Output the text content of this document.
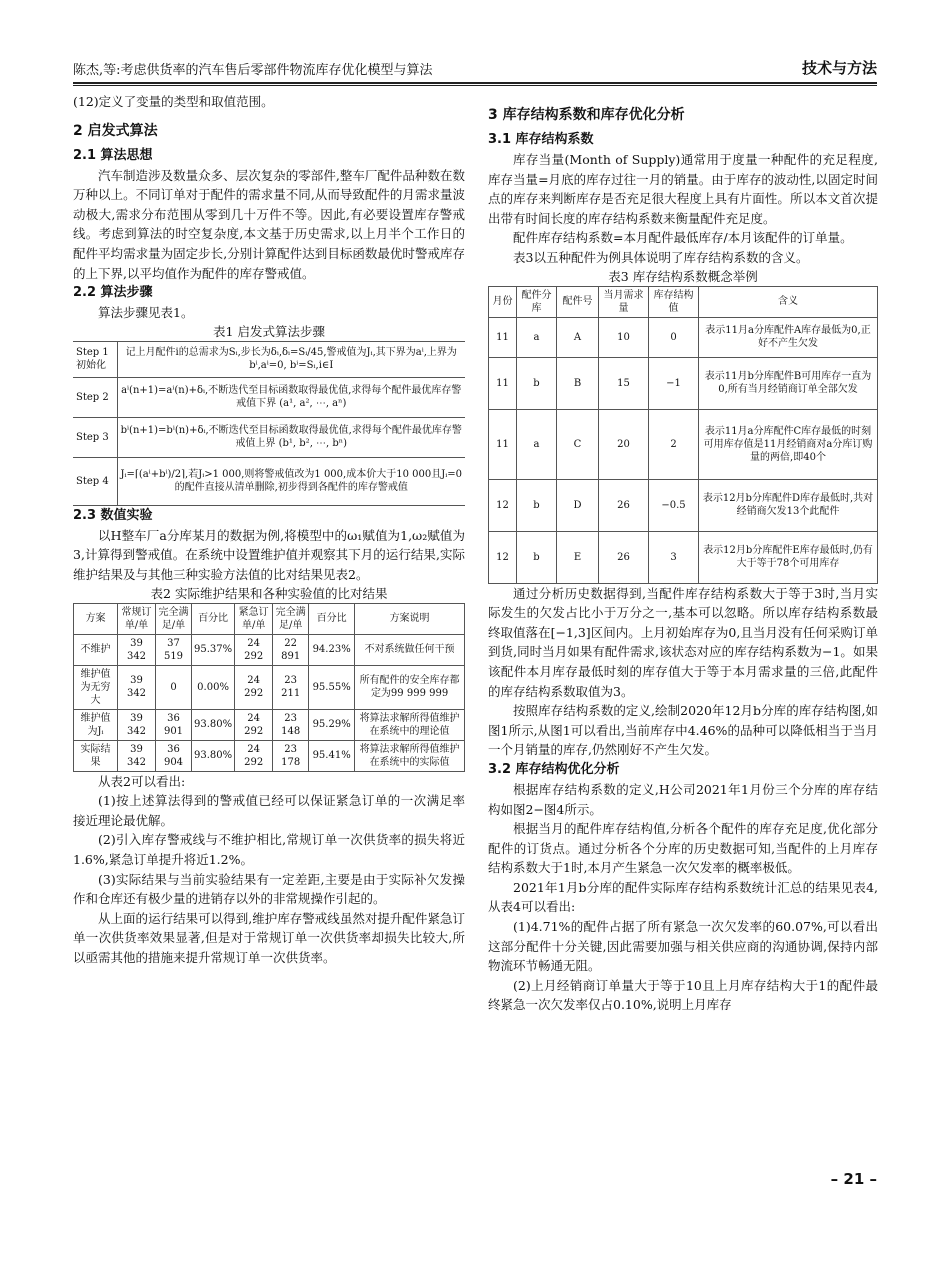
陈杰,等:考虑供货率的汽车售后零部件物流库存优化模型与算法	技术与方法

(12)定义了变量的类型和取值范围。

2 启发式算法
2.1 算法思想

汽车制造涉及数量众多、层次复杂的零部件,整车厂配件品种数在数万种以上。不同订单对于配件的需求量不同,从而导致配件的月需求量波动极大,需求分布范围从零到几十万件不等。因此,有必要设置库存警戒线。考虑到算法的时空复杂度,本文基于历史需求,以上月半个工作日的配件平均需求量为固定步长,分别计算配件达到目标函数最优时警戒库存的上下界,以平均值作为配件的库存警戒值。

2.2 算法步骤

算法步骤见表1。

表1 启发式算法步骤
Step 1 初始化	记上月配件i的总需求为Sᵢ,步长为δᵢ,δᵢ=Sᵢ/45,警戒值为Jᵢ,其下界为aⁱ,上界为bⁱ,aⁱ=0, bⁱ=Sᵢ,i∈I
Step 2	aⁱ(n+1)=aⁱ(n)+δᵢ,不断迭代至目标函数取得最优值,求得每个配件最优库存警戒值下界 (a¹, a², ⋯, aⁿ)
Step 3	bⁱ(n+1)=bⁱ(n)+δᵢ,不断迭代至目标函数取得最优值,求得每个配件最优库存警戒值上界 (b¹, b², ⋯, bⁿ)
Step 4	Jᵢ=⌈(aⁱ+bⁱ)/2⌉,若Jᵢ>1 000,则将警戒值改为1 000,成本价大于10 000且Jᵢ=0的配件直接从清单删除,初步得到各配件的库存警戒值
2.3 数值实验

以H整车厂a分库某月的数据为例,将模型中的ω₁赋值为1,ω₂赋值为3,计算得到警戒值。在系统中设置维护值并观察其下月的运行结果,实际维护结果及与其他三种实验方法值的比对结果见表2。

表2 实际维护结果和各种实验值的比对结果
方案	常规订单/单	完全满足/单	百分比	紧急订单/单	完全满足/单	百分比	方案说明
不维护	39 342	37 519	95.37%	24 292	22 891	94.23%	不对系统做任何干预
维护值为无穷大	39 342	0	0.00%	24 292	23 211	95.55%	所有配件的安全库存都定为99 999 999
维护值为Jᵢ	39 342	36 901	93.80%	24 292	23 148	95.29%	将算法求解所得值维护在系统中的理论值
实际结果	39 342	36 904	93.80%	24 292	23 178	95.41%	将算法求解所得值维护在系统中的实际值

从表2可以看出:

(1)按上述算法得到的警戒值已经可以保证紧急订单的一次满足率接近理论最优解。

(2)引入库存警戒线与不维护相比,常规订单一次供货率的损失将近1.6%,紧急订单提升将近1.2%。

(3)实际结果与当前实验结果有一定差距,主要是由于实际补欠发操作和仓库还有极少量的进销存以外的非常规操作引起的。

从上面的运行结果可以得到,维护库存警戒线虽然对提升配件紧急订单一次供货率效果显著,但是对于常规订单一次供货率却损失比较大,所以亟需其他的措施来提升常规订单一次供货率。

3 库存结构系数和库存优化分析
3.1 库存结构系数

库存当量(Month of Supply)通常用于度量一种配件的充足程度,库存当量=月底的库存过往一月的销量。由于库存的波动性,以固定时间点的库存来判断库存是否充足很大程度上具有片面性。所以本文首次提出带有时间长度的库存结构系数来衡量配件充足度。

配件库存结构系数=本月配件最低库存/本月该配件的订单量。

表3以五种配件为例具体说明了库存结构系数的含义。

表3 库存结构系数概念举例
月份	配件分库	配件号	当月需求量	库存结构值	含义
11	a	A	10	0	表示11月a分库配件A库存最低为0,正好不产生欠发
11	b	B	15	−1	表示11月b分库配件B可用库存一直为0,所有当月经销商订单全部欠发
11	a	C	20	2	表示11月a分库配件C库存最低的时刻可用库存值是11月经销商对a分库订购量的两倍,即40个
12	b	D	26	−0.5	表示12月b分库配件D库存最低时,共对经销商欠发13个此配件
12	b	E	26	3	表示12月b分库配件E库存最低时,仍有大于等于78个可用库存

通过分析历史数据得到,当配件库存结构系数大于等于3时,当月实际发生的欠发占比小于万分之一,基本可以忽略。所以库存结构系数最终取值落在[−1,3]区间内。上月初始库存为0,且当月没有任何采购订单到货,同时当月如果有配件需求,该状态对应的库存结构系数为−1。如果该配件本月库存最低时刻的库存值大于等于本月需求量的三倍,此配件的库存结构系数取值为3。

按照库存结构系数的定义,绘制2020年12月b分库的库存结构图,如图1所示,从图1可以看出,当前库存中4.46%的品种可以降低相当于当月一个月销量的库存,仍然刚好不产生欠发。

3.2 库存结构优化分析

根据库存结构系数的定义,H公司2021年1月份三个分库的库存结构如图2−图4所示。

根据当月的配件库存结构值,分析各个配件的库存充足度,优化部分配件的订货点。通过分析各个分库的历史数据可知,当配件的上月库存结构系数大于1时,本月产生紧急一次欠发率的概率极低。

2021年1月b分库的配件实际库存结构系数统计汇总的结果见表4,从表4可以看出:

(1)4.71%的配件占据了所有紧急一次欠发率的60.07%,可以看出这部分配件十分关键,因此需要加强与相关供应商的沟通协调,保持内部物流环节畅通无阻。

(2)上月经销商订单量大于等于10且上月库存结构大于1的配件最终紧急一次欠发率仅占0.10%,说明上月库存

– 21 –
